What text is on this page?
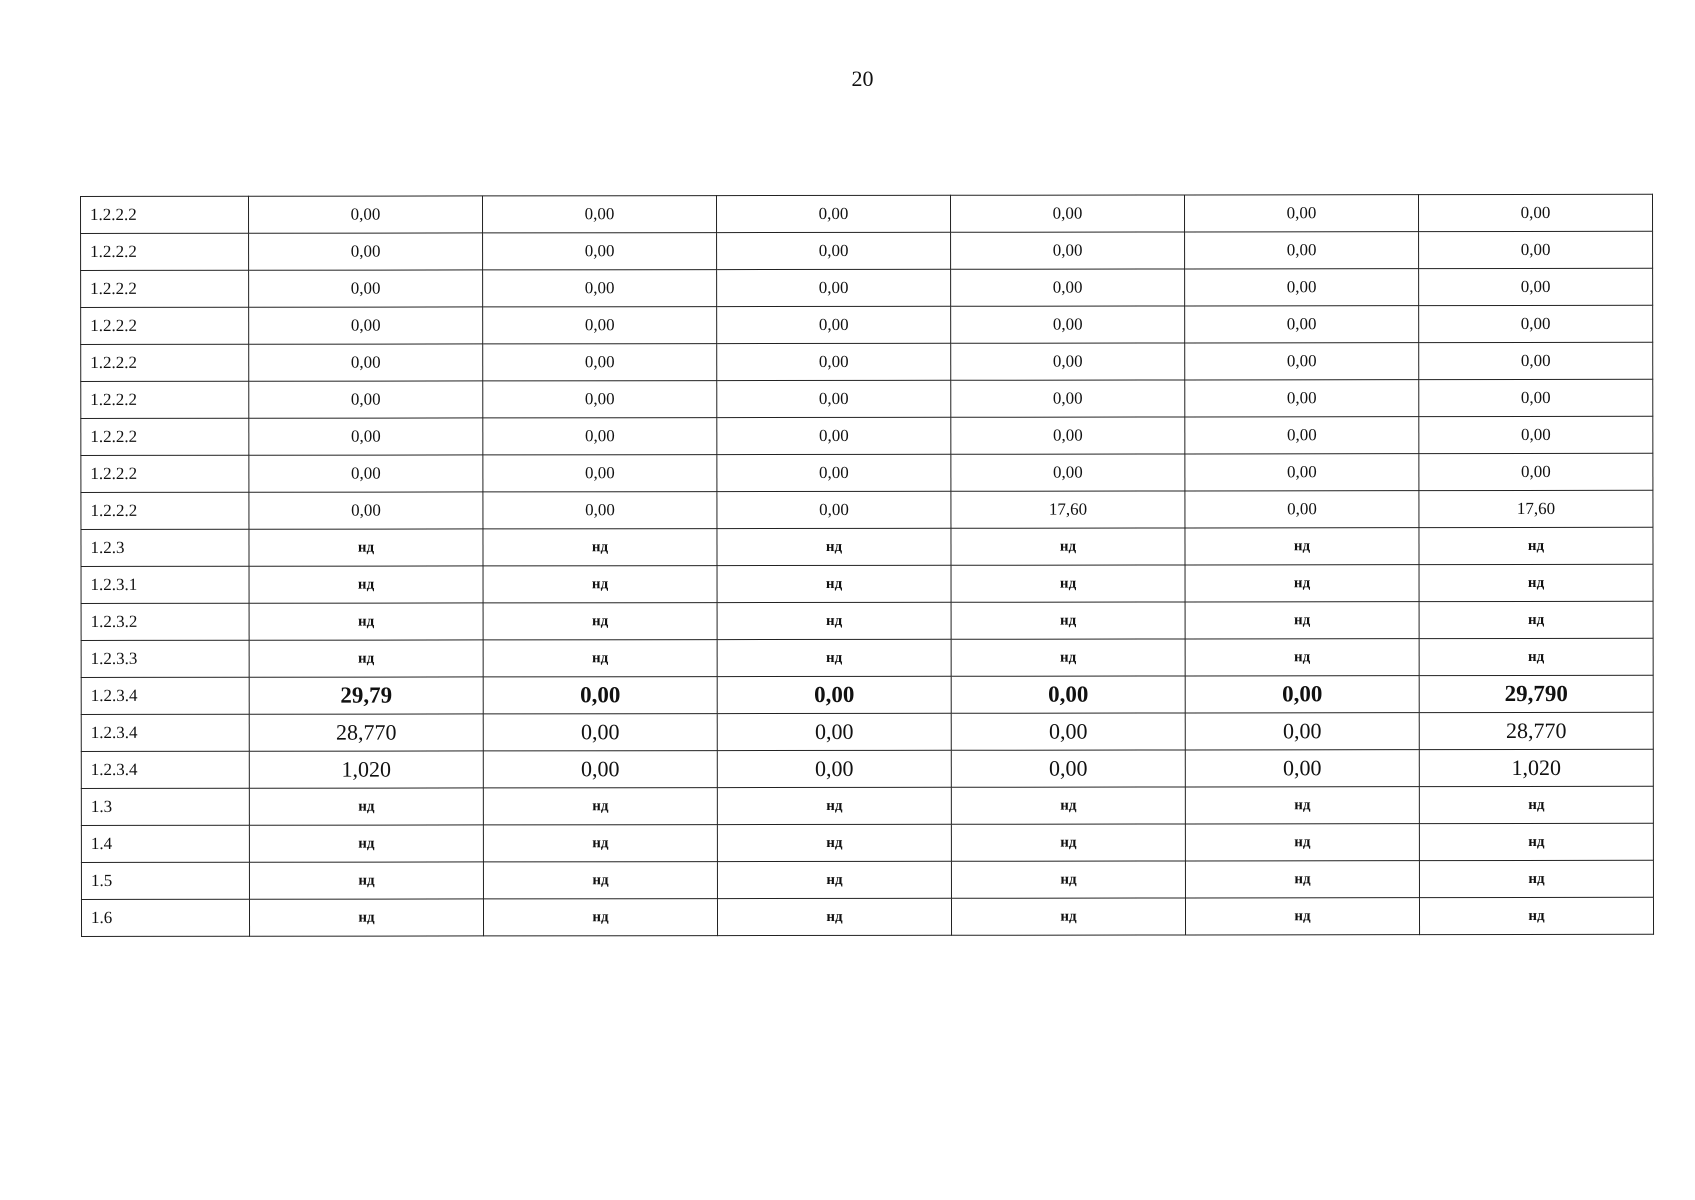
20
1.2.2.2	0,00	0,00	0,00	0,00	0,00	0,00
1.2.2.2	0,00	0,00	0,00	0,00	0,00	0,00
1.2.2.2	0,00	0,00	0,00	0,00	0,00	0,00
1.2.2.2	0,00	0,00	0,00	0,00	0,00	0,00
1.2.2.2	0,00	0,00	0,00	0,00	0,00	0,00
1.2.2.2	0,00	0,00	0,00	0,00	0,00	0,00
1.2.2.2	0,00	0,00	0,00	0,00	0,00	0,00
1.2.2.2	0,00	0,00	0,00	0,00	0,00	0,00
1.2.2.2	0,00	0,00	0,00	17,60	0,00	17,60
1.2.3	нд	нд	нд	нд	нд	нд
1.2.3.1	нд	нд	нд	нд	нд	нд
1.2.3.2	нд	нд	нд	нд	нд	нд
1.2.3.3	нд	нд	нд	нд	нд	нд
1.2.3.4	29,79	0,00	0,00	0,00	0,00	29,790
1.2.3.4	28,770	0,00	0,00	0,00	0,00	28,770
1.2.3.4	1,020	0,00	0,00	0,00	0,00	1,020
1.3	нд	нд	нд	нд	нд	нд
1.4	нд	нд	нд	нд	нд	нд
1.5	нд	нд	нд	нд	нд	нд
1.6	нд	нд	нд	нд	нд	нд
